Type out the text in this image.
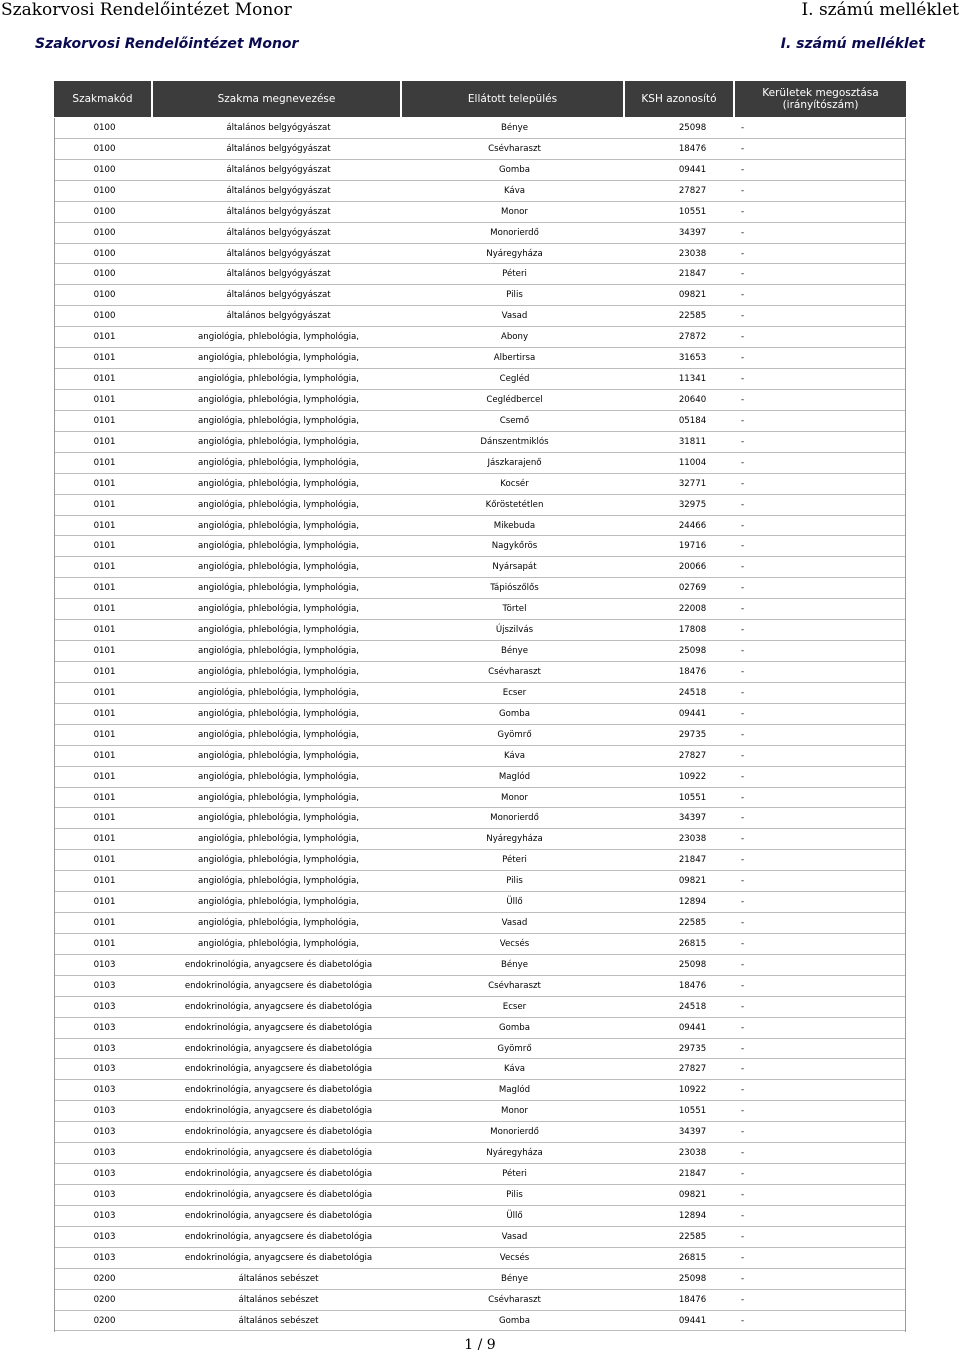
Szakorvosi Rendelőintézet Monor	I. számú melléklet
Szakorvosi Rendelőintézet Monor	I. számú melléklet
Szakmakód	Szakma megnevezése	Ellátott település	KSH azonosító	Kerületek megosztása (irányítószám)
0100	általános belgyógyászat	Bénye	25098	-
0100	általános belgyógyászat	Csévharaszt	18476	-
0100	általános belgyógyászat	Gomba	09441	-
0100	általános belgyógyászat	Káva	27827	-
0100	általános belgyógyászat	Monor	10551	-
0100	általános belgyógyászat	Monorierdő	34397	-
0100	általános belgyógyászat	Nyáregyháza	23038	-
0100	általános belgyógyászat	Péteri	21847	-
0100	általános belgyógyászat	Pilis	09821	-
0100	általános belgyógyászat	Vasad	22585	-
0101	angiológia, phlebológia, lymphológia,	Abony	27872	-
0101	angiológia, phlebológia, lymphológia,	Albertirsa	31653	-
0101	angiológia, phlebológia, lymphológia,	Cegléd	11341	-
0101	angiológia, phlebológia, lymphológia,	Ceglédbercel	20640	-
0101	angiológia, phlebológia, lymphológia,	Csemő	05184	-
0101	angiológia, phlebológia, lymphológia,	Dánszentmiklós	31811	-
0101	angiológia, phlebológia, lymphológia,	Jászkarajenő	11004	-
0101	angiológia, phlebológia, lymphológia,	Kocsér	32771	-
0101	angiológia, phlebológia, lymphológia,	Kőröstetétlen	32975	-
0101	angiológia, phlebológia, lymphológia,	Mikebuda	24466	-
0101	angiológia, phlebológia, lymphológia,	Nagykőrös	19716	-
0101	angiológia, phlebológia, lymphológia,	Nyársapát	20066	-
0101	angiológia, phlebológia, lymphológia,	Tápiószőlős	02769	-
0101	angiológia, phlebológia, lymphológia,	Törtel	22008	-
0101	angiológia, phlebológia, lymphológia,	Újszilvás	17808	-
0101	angiológia, phlebológia, lymphológia,	Bénye	25098	-
0101	angiológia, phlebológia, lymphológia,	Csévharaszt	18476	-
0101	angiológia, phlebológia, lymphológia,	Ecser	24518	-
0101	angiológia, phlebológia, lymphológia,	Gomba	09441	-
0101	angiológia, phlebológia, lymphológia,	Gyömrő	29735	-
0101	angiológia, phlebológia, lymphológia,	Káva	27827	-
0101	angiológia, phlebológia, lymphológia,	Maglód	10922	-
0101	angiológia, phlebológia, lymphológia,	Monor	10551	-
0101	angiológia, phlebológia, lymphológia,	Monorierdő	34397	-
0101	angiológia, phlebológia, lymphológia,	Nyáregyháza	23038	-
0101	angiológia, phlebológia, lymphológia,	Péteri	21847	-
0101	angiológia, phlebológia, lymphológia,	Pilis	09821	-
0101	angiológia, phlebológia, lymphológia,	Üllő	12894	-
0101	angiológia, phlebológia, lymphológia,	Vasad	22585	-
0101	angiológia, phlebológia, lymphológia,	Vecsés	26815	-
0103	endokrinológia, anyagcsere és diabetológia	Bénye	25098	-
0103	endokrinológia, anyagcsere és diabetológia	Csévharaszt	18476	-
0103	endokrinológia, anyagcsere és diabetológia	Ecser	24518	-
0103	endokrinológia, anyagcsere és diabetológia	Gomba	09441	-
0103	endokrinológia, anyagcsere és diabetológia	Gyömrő	29735	-
0103	endokrinológia, anyagcsere és diabetológia	Káva	27827	-
0103	endokrinológia, anyagcsere és diabetológia	Maglód	10922	-
0103	endokrinológia, anyagcsere és diabetológia	Monor	10551	-
0103	endokrinológia, anyagcsere és diabetológia	Monorierdő	34397	-
0103	endokrinológia, anyagcsere és diabetológia	Nyáregyháza	23038	-
0103	endokrinológia, anyagcsere és diabetológia	Péteri	21847	-
0103	endokrinológia, anyagcsere és diabetológia	Pilis	09821	-
0103	endokrinológia, anyagcsere és diabetológia	Üllő	12894	-
0103	endokrinológia, anyagcsere és diabetológia	Vasad	22585	-
0103	endokrinológia, anyagcsere és diabetológia	Vecsés	26815	-
0200	általános sebészet	Bénye	25098	-
0200	általános sebészet	Csévharaszt	18476	-
0200	általános sebészet	Gomba	09441	-
1 / 9
